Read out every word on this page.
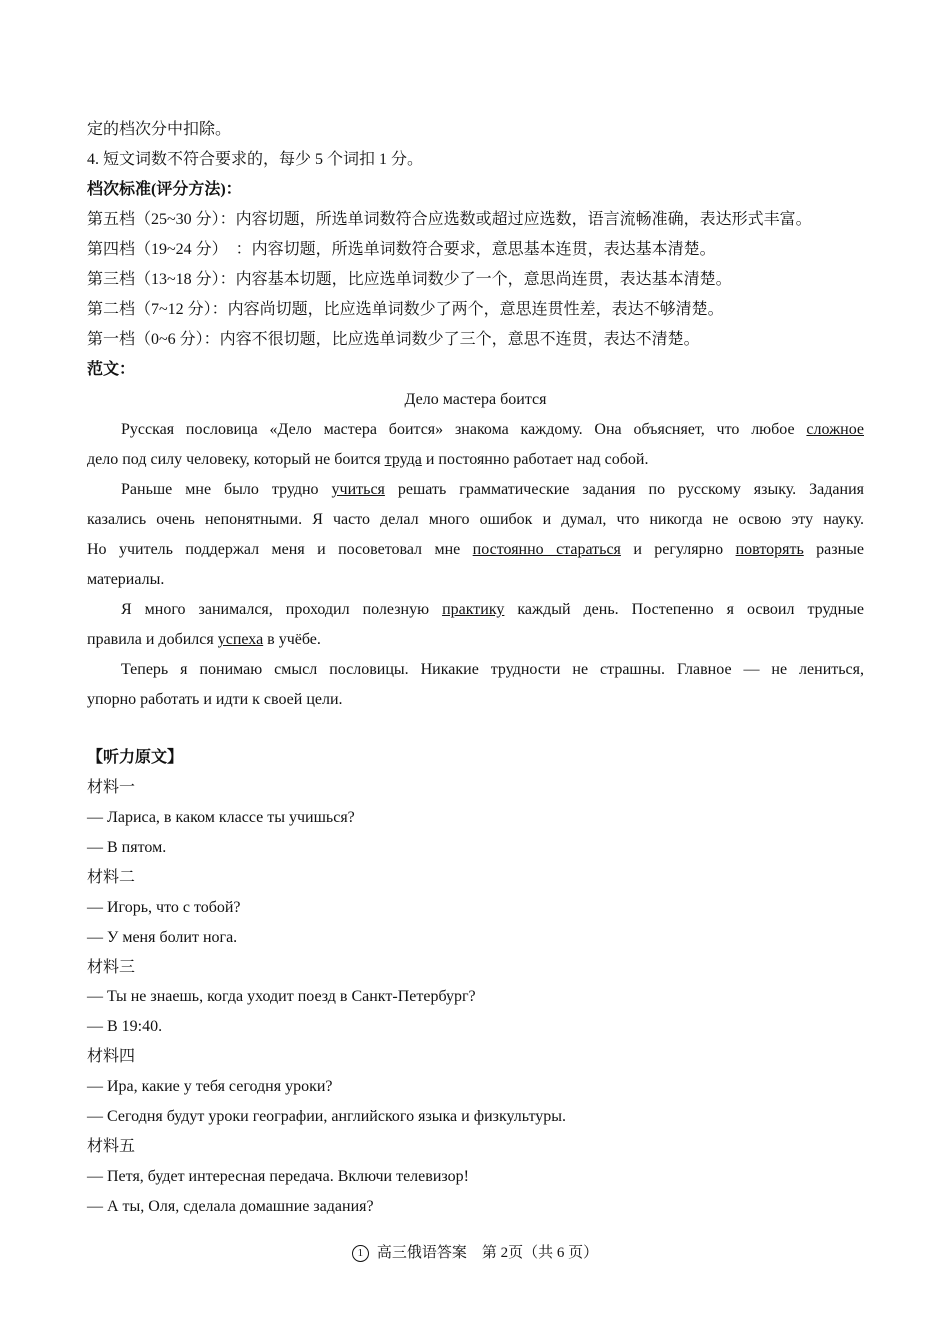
定的档次分中扣除。
4. 短文词数不符合要求的，每少 5 个词扣 1 分。
档次标准(评分方法)：
第五档（25~30 分）：内容切题，所选单词数符合应选数或超过应选数，语言流畅准确，表达形式丰富。
第四档（19~24 分）　：内容切题，所选单词数符合要求，意思基本连贯，表达基本清楚。
第三档（13~18 分）：内容基本切题，比应选单词数少了一个，意思尚连贯，表达基本清楚。
第二档（7~12 分）：内容尚切题，比应选单词数少了两个，意思连贯性差，表达不够清楚。
第一档（0~6 分）：内容不很切题，比应选单词数少了三个，意思不连贯，表达不清楚。
范文：
Дело мастера боится
Русская пословица «Дело мастера боится» знакома каждому. Она объясняет, что любое сложное
дело под силу человеку, который не боится труда и постоянно работает над собой.
Раньше мне было трудно учиться решать грамматические задания по русскому языку. Задания
казались очень непонятными. Я часто делал много ошибок и думал, что никогда не освою эту науку.
Но учитель поддержал меня и посоветовал мне постоянно стараться и регулярно повторять разные
материалы.
Я много занимался, проходил полезную практику каждый день. Постепенно я освоил трудные
правила и добился успеха в учёбе.
Теперь я понимаю смысл пословицы. Никакие трудности не страшны. Главное — не лениться,
упорно работать и идти к своей цели.
【听力原文】
材料一
— Лариса, в каком классе ты учишься?
— В пятом.
材料二
— Игорь, что с тобой?
— У меня болит нога.
材料三
— Ты не знаешь, когда уходит поезд в Санкт-Петербург?
— В 19:40.
材料四
— Ира, какие у тебя сегодня уроки?
— Сегодня будут уроки географии, английского языка и физкультуры.
材料五
— Петя, будет интересная передача. Включи телевизор!
— А ты, Оля, сделала домашние задания?
1 高三俄语答案　第 2页（共 6 页）
